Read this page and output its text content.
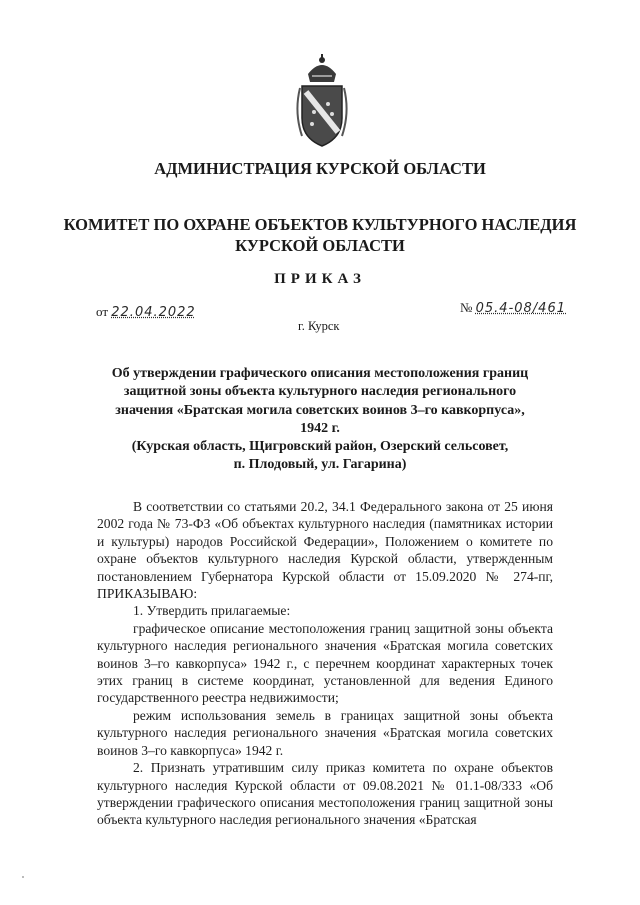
АДМИНИСТРАЦИЯ КУРСКОЙ ОБЛАСТИ
КОМИТЕТ ПО ОХРАНЕ ОБЪЕКТОВ КУЛЬТУРНОГО НАСЛЕДИЯ
КУРСКОЙ ОБЛАСТИ
ПРИКАЗ
от 22.04.2022	№ 05.4-08/461
г. Курск
Об утверждении графического описания местоположения границ
защитной зоны объекта культурного наследия регионального
значения «Братская могила советских воинов 3–го кавкорпуса»,
1942 г.
(Курская область, Щигровский район, Озерский сельсовет,
п. Плодовый, ул. Гагарина)

В соответствии со статьями 20.2, 34.1 Федерального закона от 25 июня 2002 года № 73-ФЗ «Об объектах культурного наследия (памятниках истории и культуры) народов Российской Федерации», Положением о комитете по охране объектов культурного наследия Курской области, утвержденным постановлением Губернатора Курской области от 15.09.2020 № 274-пг, ПРИКАЗЫВАЮ:

1. Утвердить прилагаемые:

графическое описание местоположения границ защитной зоны объекта культурного наследия регионального значения «Братская могила советских воинов 3–го кавкорпуса» 1942 г., с перечнем координат характерных точек этих границ в системе координат, установленной для ведения Единого государственного реестра недвижимости;

режим использования земель в границах защитной зоны объекта культурного наследия регионального значения «Братская могила советских воинов 3–го кавкорпуса» 1942 г.

2. Признать утратившим силу приказ комитета по охране объектов культурного наследия Курской области от 09.08.2021 № 01.1-08/333 «Об утверждении графического описания местоположения границ защитной зоны объекта культурного наследия регионального значения «Братская
